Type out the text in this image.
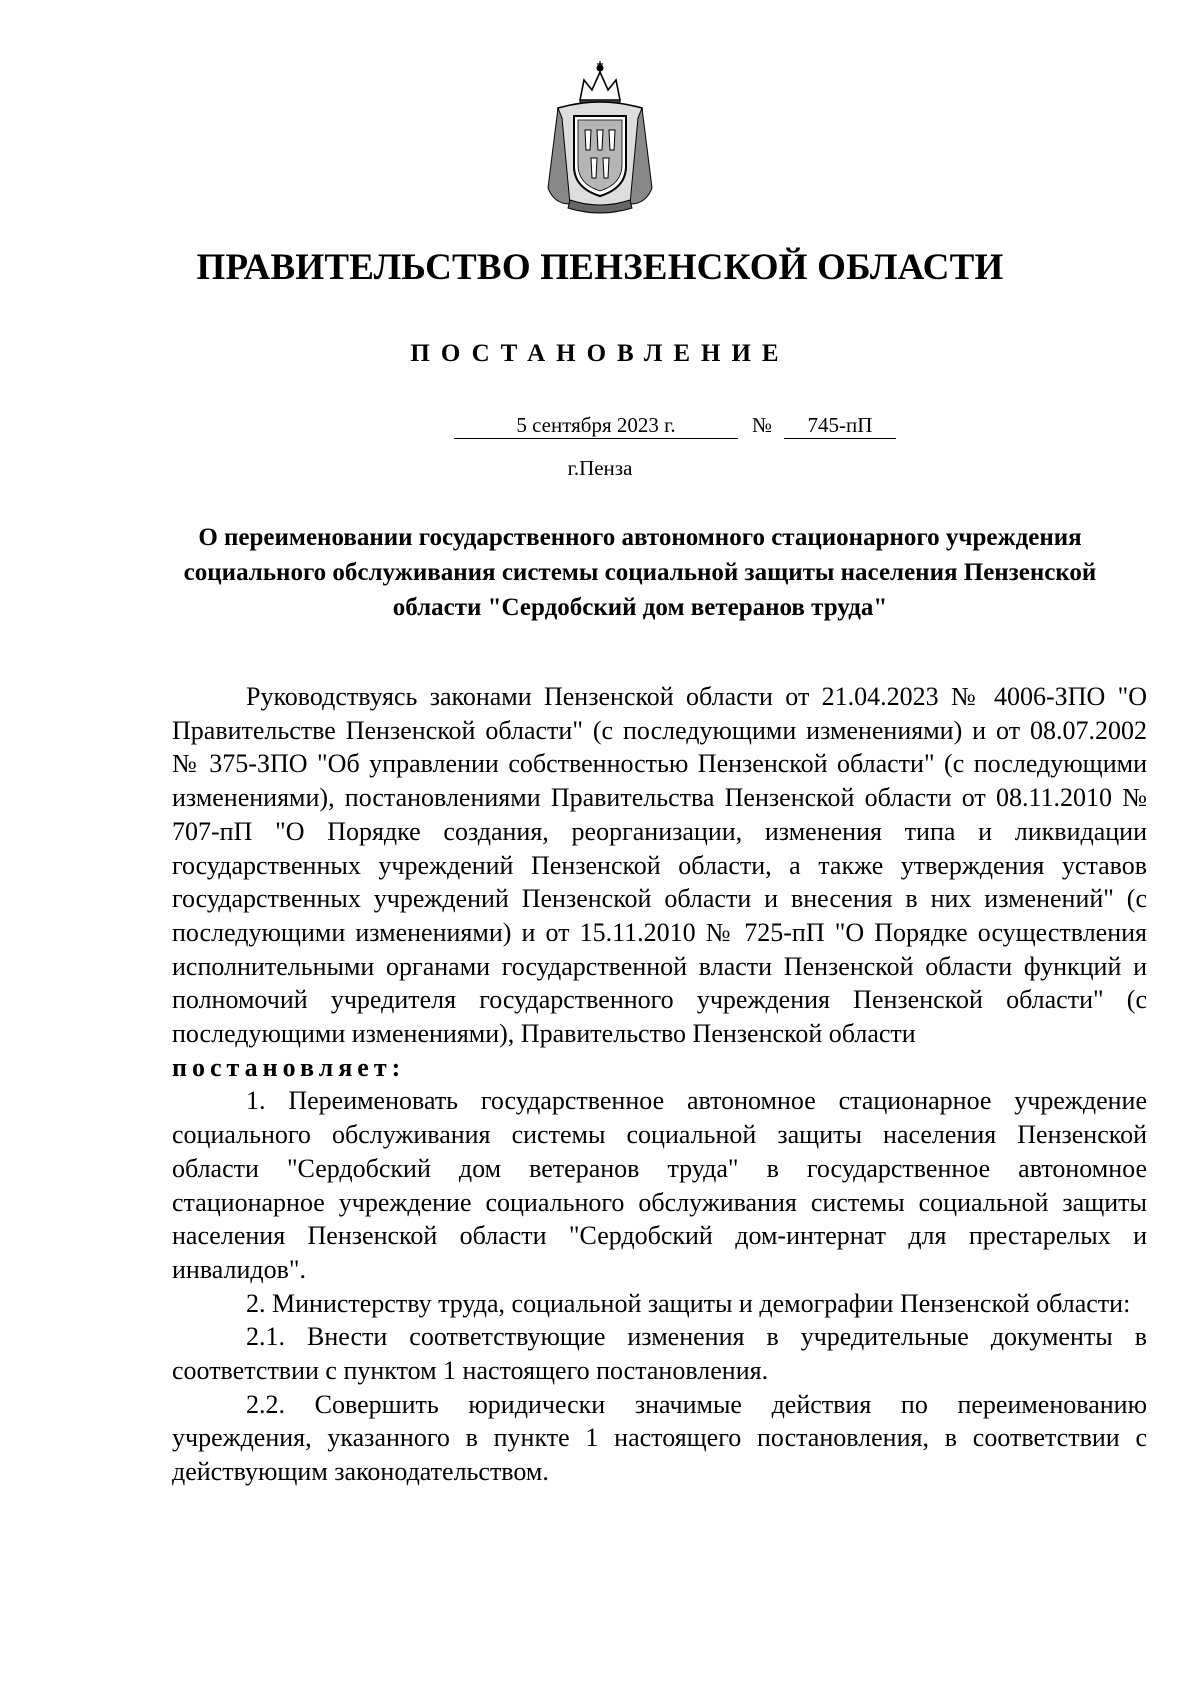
ПРАВИТЕЛЬСТВО ПЕНЗЕНСКОЙ ОБЛАСТИ
ПОСТАНОВЛЕНИЕ
5 сентября 2023 г.	№	745-пП
г.Пенза
О переименовании государственного автономного стационарного учреждения социального обслуживания системы социальной защиты населения Пензенской области "Сердобский дом ветеранов труда"

Руководствуясь законами Пензенской области от 21.04.2023 № 4006-ЗПО "О Правительстве Пензенской области" (с последующими изменениями) и от 08.07.2002 № 375-ЗПО "Об управлении собственностью Пензенской области" (с последующими изменениями), постановлениями Правительства Пензенской области от 08.11.2010 № 707-пП "О Порядке создания, реорганизации, изменения типа и ликвидации государственных учреждений Пензенской области, а также утверждения уставов государственных учреждений Пензенской области и внесения в них изменений" (с последующими изменениями) и от 15.11.2010 № 725-пП "О Порядке осуществления исполнительными органами государственной власти Пензенской области функций и полномочий учредителя государственного учреждения Пензенской области" (с последующими изменениями), Правительство Пензенской области

постановляет:

1. Переименовать государственное автономное стационарное учреждение социального обслуживания системы социальной защиты населения Пензенской области "Сердобский дом ветеранов труда" в государственное автономное стационарное учреждение социального обслуживания системы социальной защиты населения Пензенской области "Сердобский дом-интернат для престарелых и инвалидов".

2. Министерству труда, социальной защиты и демографии Пензенской области:

2.1. Внести соответствующие изменения в учредительные документы в соответствии с пунктом 1 настоящего постановления.

2.2. Совершить юридически значимые действия по переименованию учреждения, указанного в пункте 1 настоящего постановления, в соответствии с действующим законодательством.
